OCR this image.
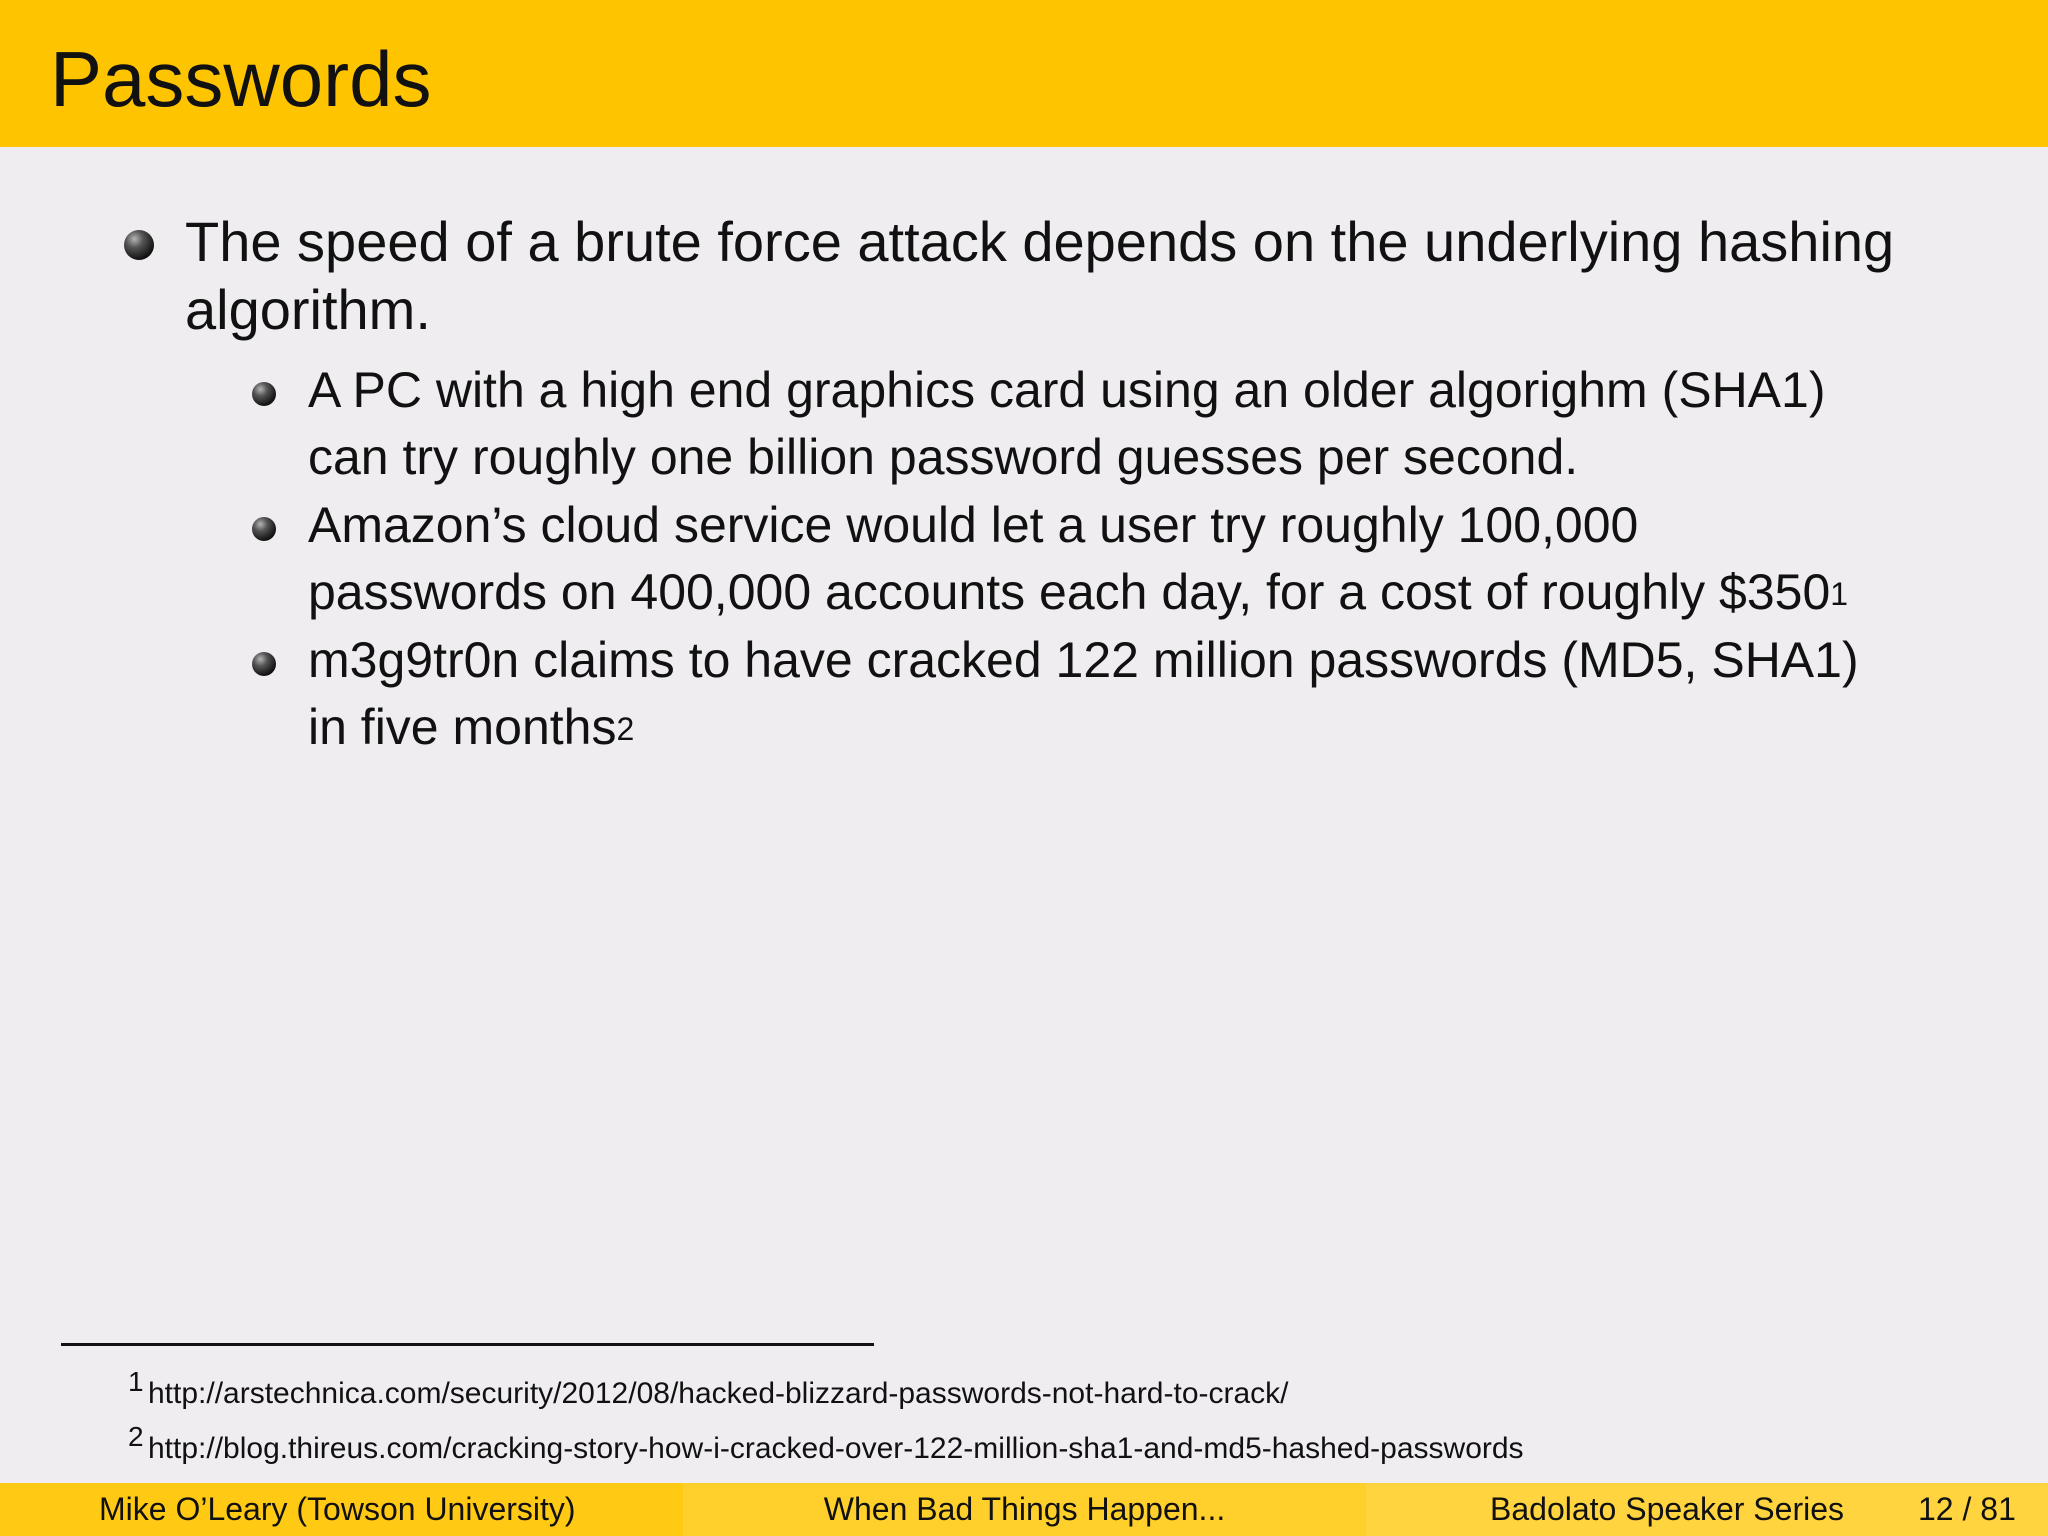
Passwords
The speed of a brute force attack depends on the underlying hashing
algorithm.
A PC with a high end graphics card using an older algorighm (SHA1)
can try roughly one billion password guesses per second.
Amazon’s cloud service would let a user try roughly 100,000
passwords on 400,000 accounts each day, for a cost of roughly $\$350^1$
m3g9tr0n claims to have cracked 122 million passwords (MD5, SHA1)
in five months$^2$
1 http://arstechnica.com/security/2012/08/hacked-blizzard-passwords-not-hard-to-crack/
2 http://blog.thireus.com/cracking-story-how-i-cracked-over-122-million-sha1-and-md5-hashed-passwords
Mike O’Leary (Towson University)	When Bad Things Happen...	Badolato Speaker Series 12 / 81
